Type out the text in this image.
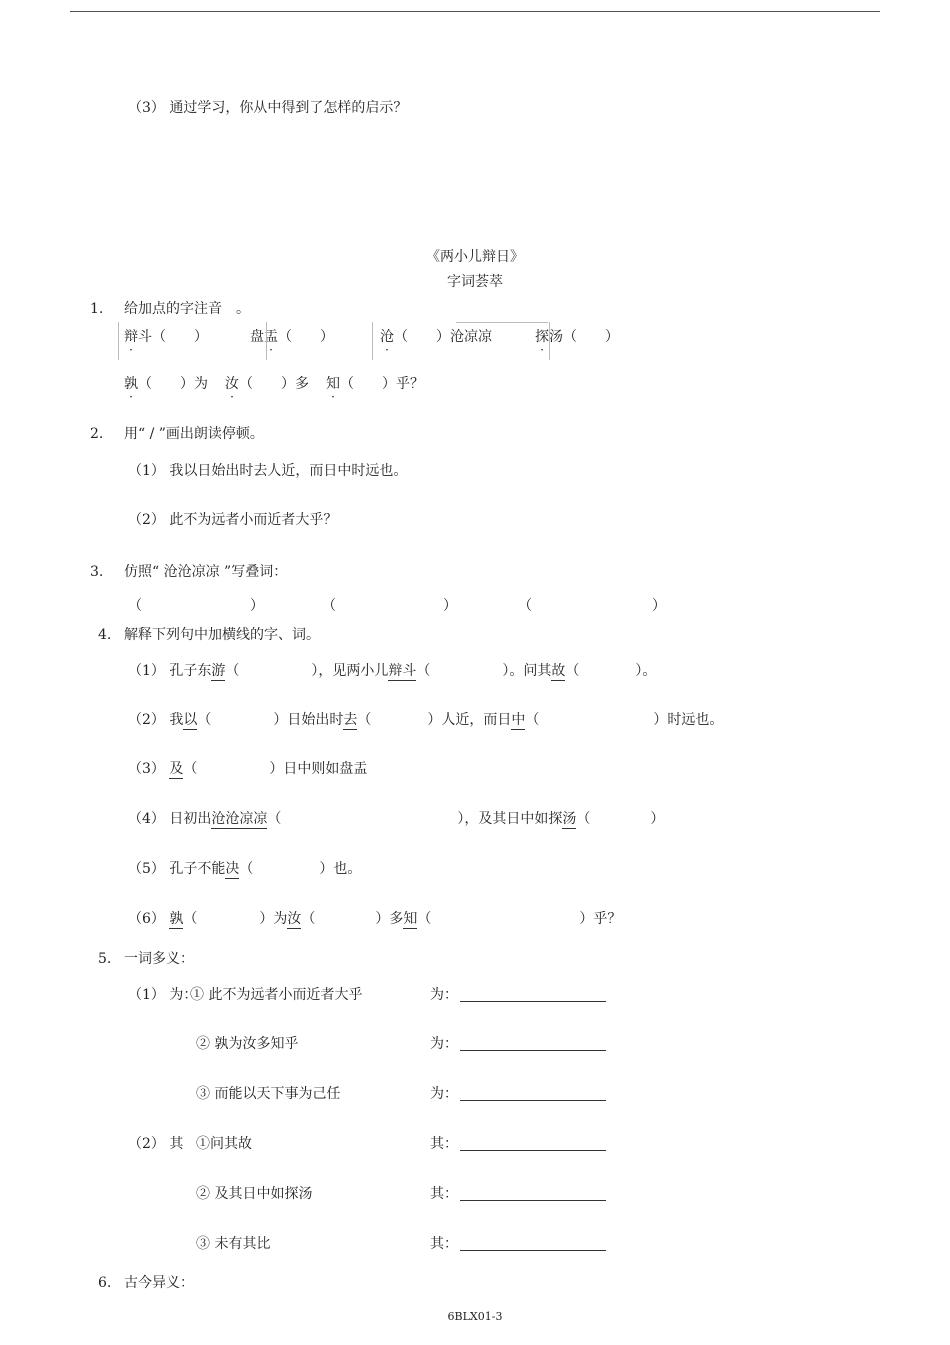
（3） 通过学习，你从中得到了怎样的启示？
《两小儿辩日》
字词荟萃
1. 给加点的字注音　。
辩斗（　　）	盘盂（　　）	沧（　　）沧凉凉	探汤（　　）
孰（　　）为 汝（　　）多 知（　　）乎？
2. 用“ / ”画出朗读停顿。
（1） 我以日始出时去人近，而日中时远也。
（2） 此不为远者小而近者大乎？
3. 仿照“ 沧沧凉凉 ”写叠词：
（	）	（	）	（	）
4. 解释下列句中加横线的字、词。
（1） 孔子东游（	），见两小儿辩斗（	）。问其故（	）。
（2） 我以（	）日始出时去（	）人近，而日中（	）时远也。
（3） 及（	）日中则如盘盂
（4） 日初出沧沧凉凉（	），及其日中如探汤（	）
（5） 孔子不能决（	）也。
（6） 孰（	）为汝（	）多知（	）乎？
5. 一词多义：
（1） 为：
① 此不为远者小而近者大乎	为：
② 孰为汝多知乎	为：
③ 而能以天下事为己任	为：
（2） 其 ①问其故	其：
② 及其日中如探汤	其：
③ 未有其比	其：
6. 古今异义：
6BLX01-3
